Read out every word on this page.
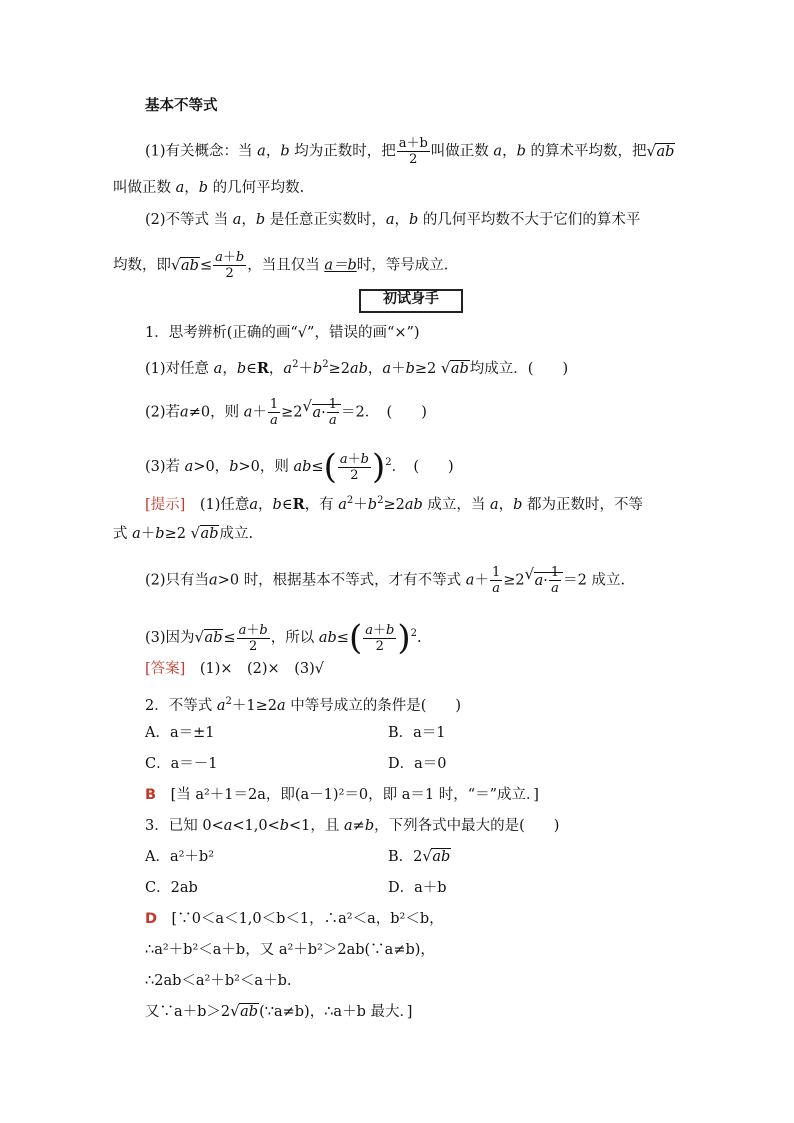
基本不等式
(1)有关概念：当 a，b 均为正数时，把 $\frac{a+b}{2}$ 叫做正数 a，b 的算术平均数，把√ ab
叫做正数 a，b 的几何平均数.
(2)不等式 当 a，b 是任意正实数时，a，b 的几何平均数不大于它们的算术平
均数，即√ $ab\le \frac{a+b}{2}$ ，当且仅当 a＝b时，等号成立.
初试身手
1．思考辨析(正确的画“√”，错误的画“×”)
(1)对任意 a，b∈R，$a^2+b^2\ge 2ab$，a＋b≥2 √ ab均成立．(　　)
(2)若a≠0，则 $a+ \frac{1}{a} \ge 2√$ $a\cdot \frac{1}{a} =2$．　(　　)
(3)若 a>0，b>0，则 $ab\le( \frac{a+b}{2} )^2$．　(　　)
[提示]　 (1)任意a，b∈R，有 $a^2+b^2\ge 2ab$ 成立，当 a，b 都为正数时，不等
式 a＋b≥2 √ ab成立.
(2)只有当a>0 时，根据基本不等式，才有不等式 $a+ \frac{1}{a} \ge 2√$ $a\cdot \frac{1}{a} =2$ 成立.
(3)因为√ $ab\le \frac{a+b}{2}$ ，所以 $ab\le( \frac{a+b}{2} )^2$.
[答案]　 (1)×　(2)×　(3)√
2．不等式 $a^2+1\ge 2a$ 中等号成立的条件是(　　)
A．a＝±1	B．a＝1
C．a＝－1	D．a＝0
B　 [当 a²＋1＝2a，即(a－1)²＝0，即 a＝1 时，“＝”成立．]
3．已知 0<a<1,0<b<1，且 a≠b，下列各式中最大的是(　　)
A．a²＋b²	B．2√ ab
C．2ab	D．a＋b
D　 [∵0＜a＜1,0＜b＜1，∴a²＜a，b²＜b，
∴a²＋b²＜a＋b，又 a²＋b²＞2ab(∵a≠b)，
∴2ab＜a²＋b²＜a＋b.
又∵a＋b＞2√ ab(∵a≠b)，∴a＋b 最大．]
